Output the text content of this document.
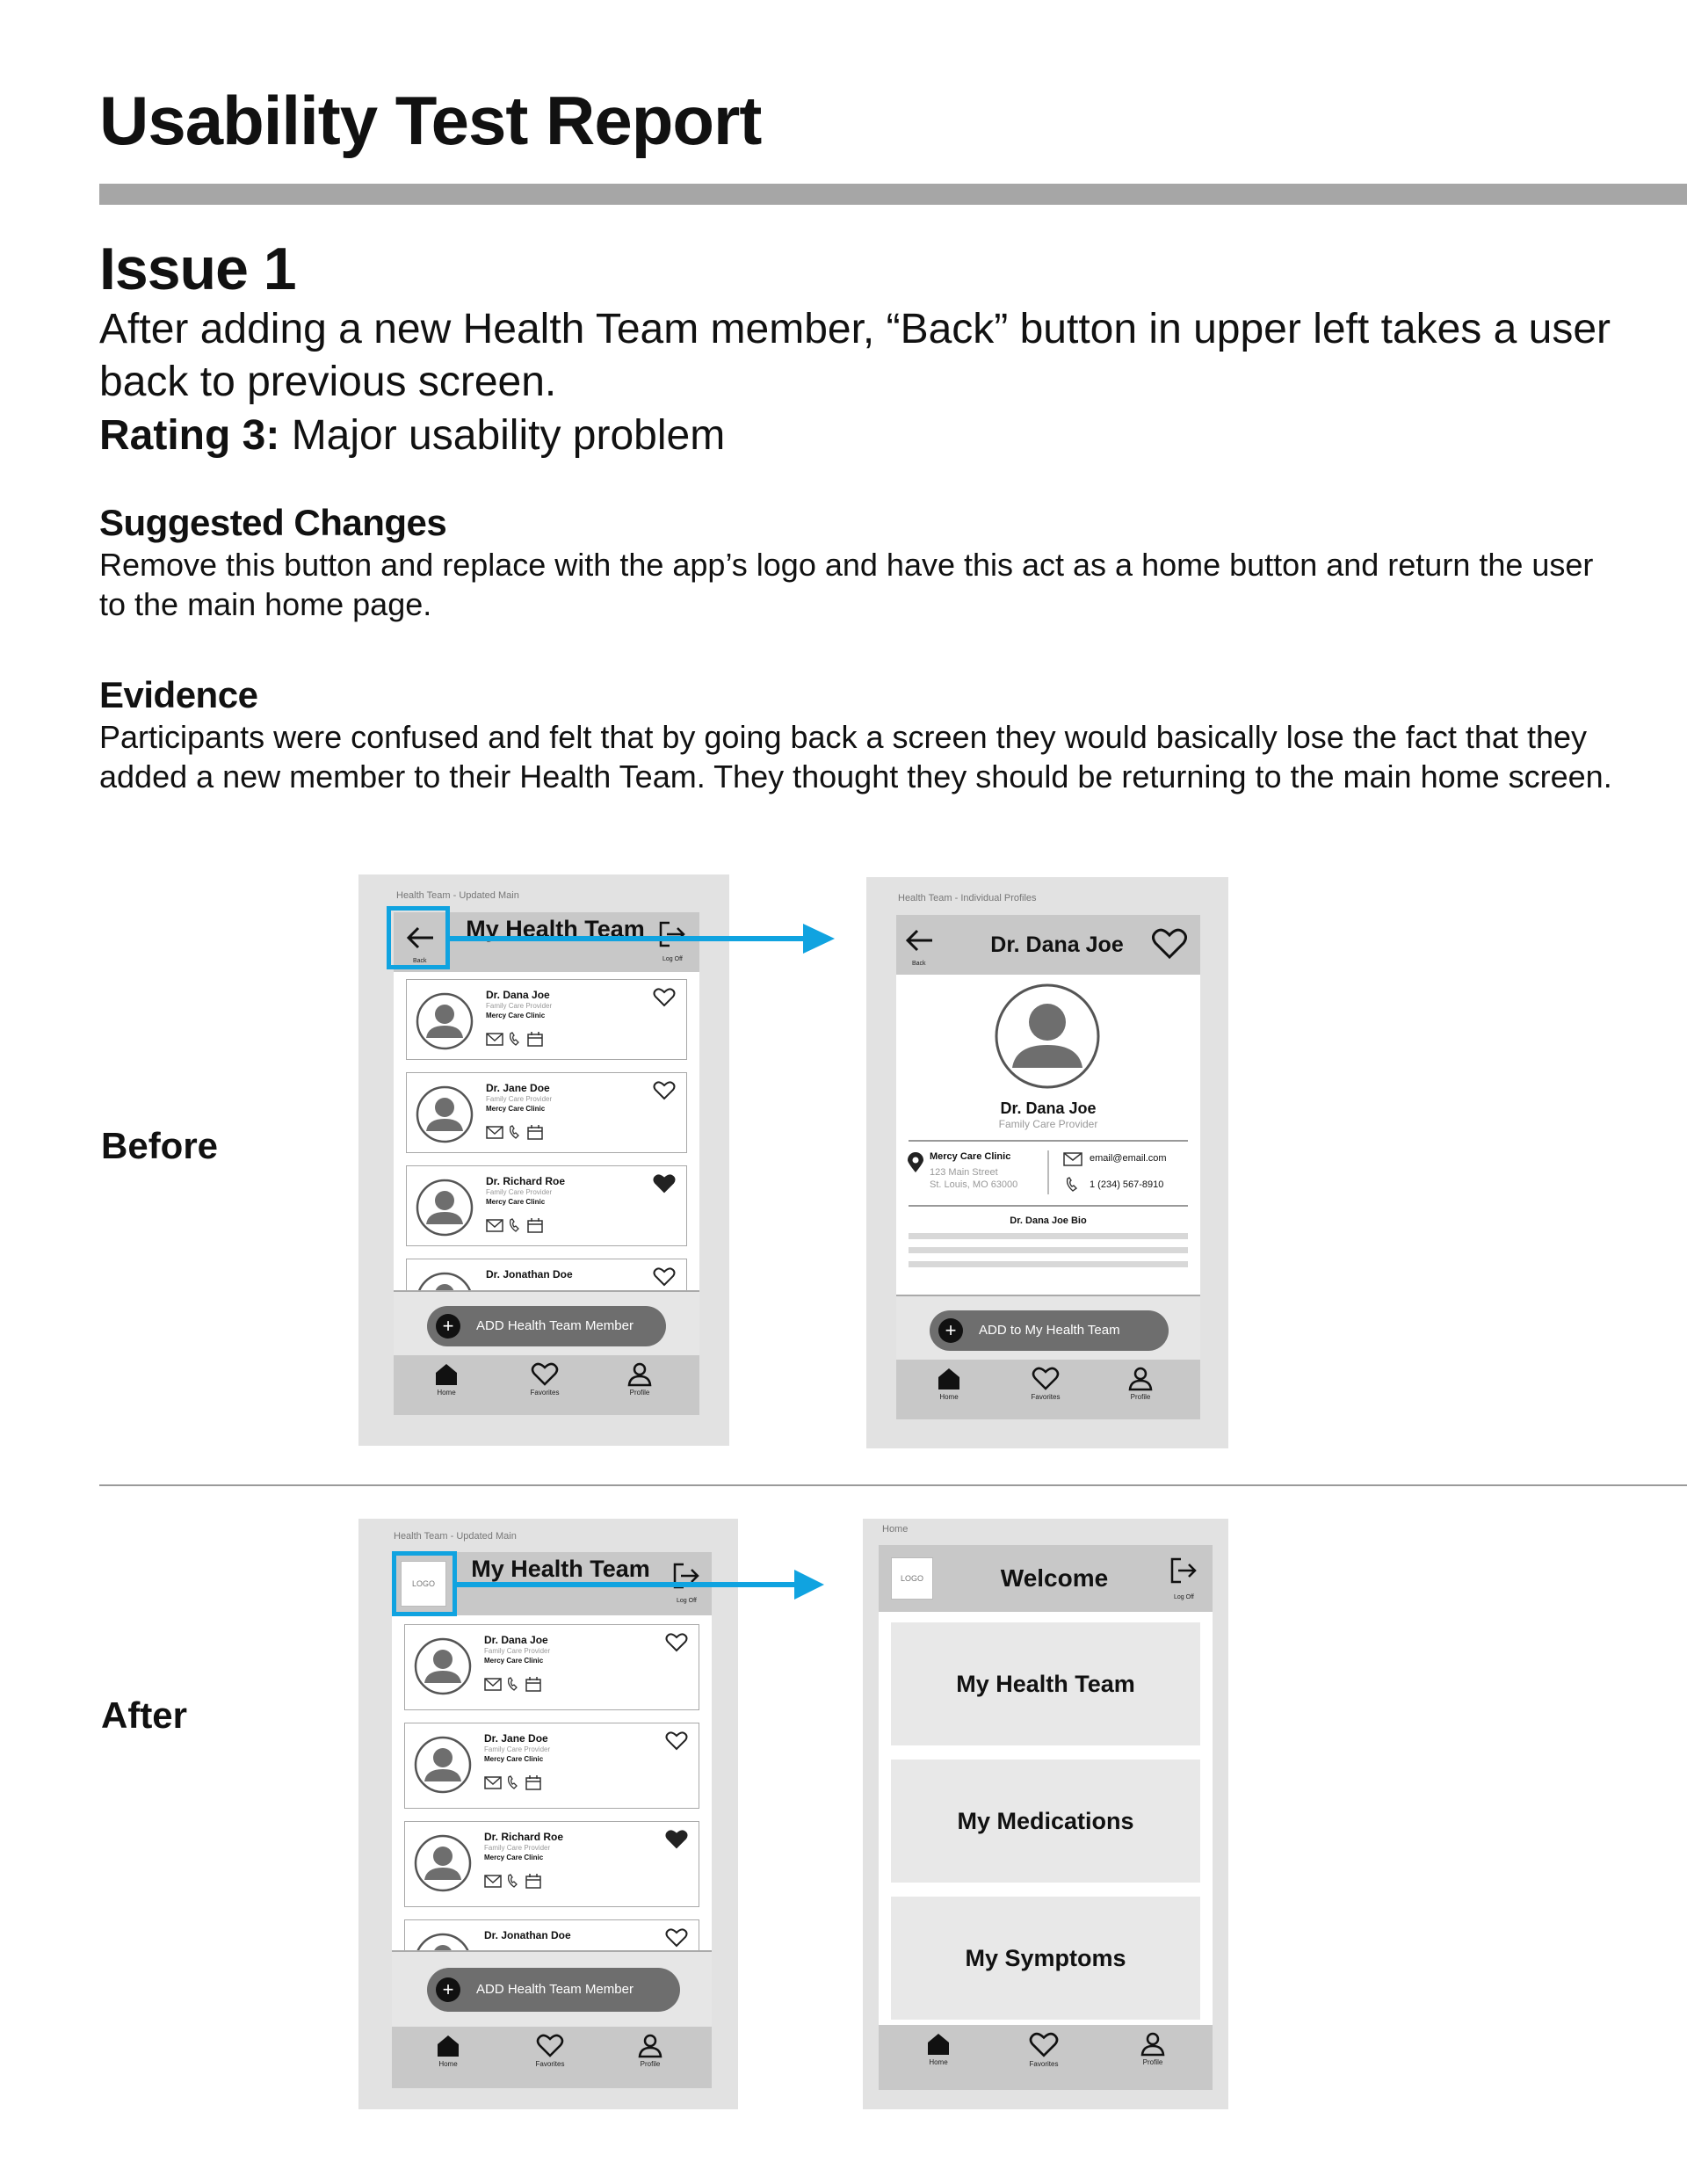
Usability Test Report
Issue 1

After adding a new Health Team member, “Back” button in upper left takes a user back to previous screen.

Rating 3: Major usability problem

Suggested Changes

Remove this button and replace with the app’s logo and have this act as a home button and return the user to the main home page.

Evidence

Participants were confused and felt that by going back a screen they would basically lose the fact that they added a new member to their Health Team. They thought they should be returning to the main home screen.

Before
After
Health Team - Updated Main
Back
My Health Team
Log Off
Dr. Dana Joe
Family Care Provider
Mercy Care Clinic
Dr. Jane Doe
Family Care Provider
Mercy Care Clinic
Dr. Richard Roe
Family Care Provider
Mercy Care Clinic
Dr. Jonathan Doe
+	ADD Health Team Member
Home	Favorites	Profile
Health Team - Individual Profiles
Back
Dr. Dana Joe
Dr. Dana Joe
Family Care Provider
Mercy Care Clinic
123 Main Street
St. Louis, MO 63000
email@email.com
1 (234) 567-8910
Dr. Dana Joe Bio
+	ADD to My Health Team
Home	Favorites	Profile
Health Team - Updated Main
LOGO
My Health Team
Log Off
Dr. Dana Joe
Family Care Provider
Mercy Care Clinic
Dr. Jane Doe
Family Care Provider
Mercy Care Clinic
Dr. Richard Roe
Family Care Provider
Mercy Care Clinic
Dr. Jonathan Doe
+	ADD Health Team Member
Home	Favorites	Profile
Home
LOGO	Welcome
Log Off
My Health Team
My Medications
My Symptoms
Home	Favorites	Profile
